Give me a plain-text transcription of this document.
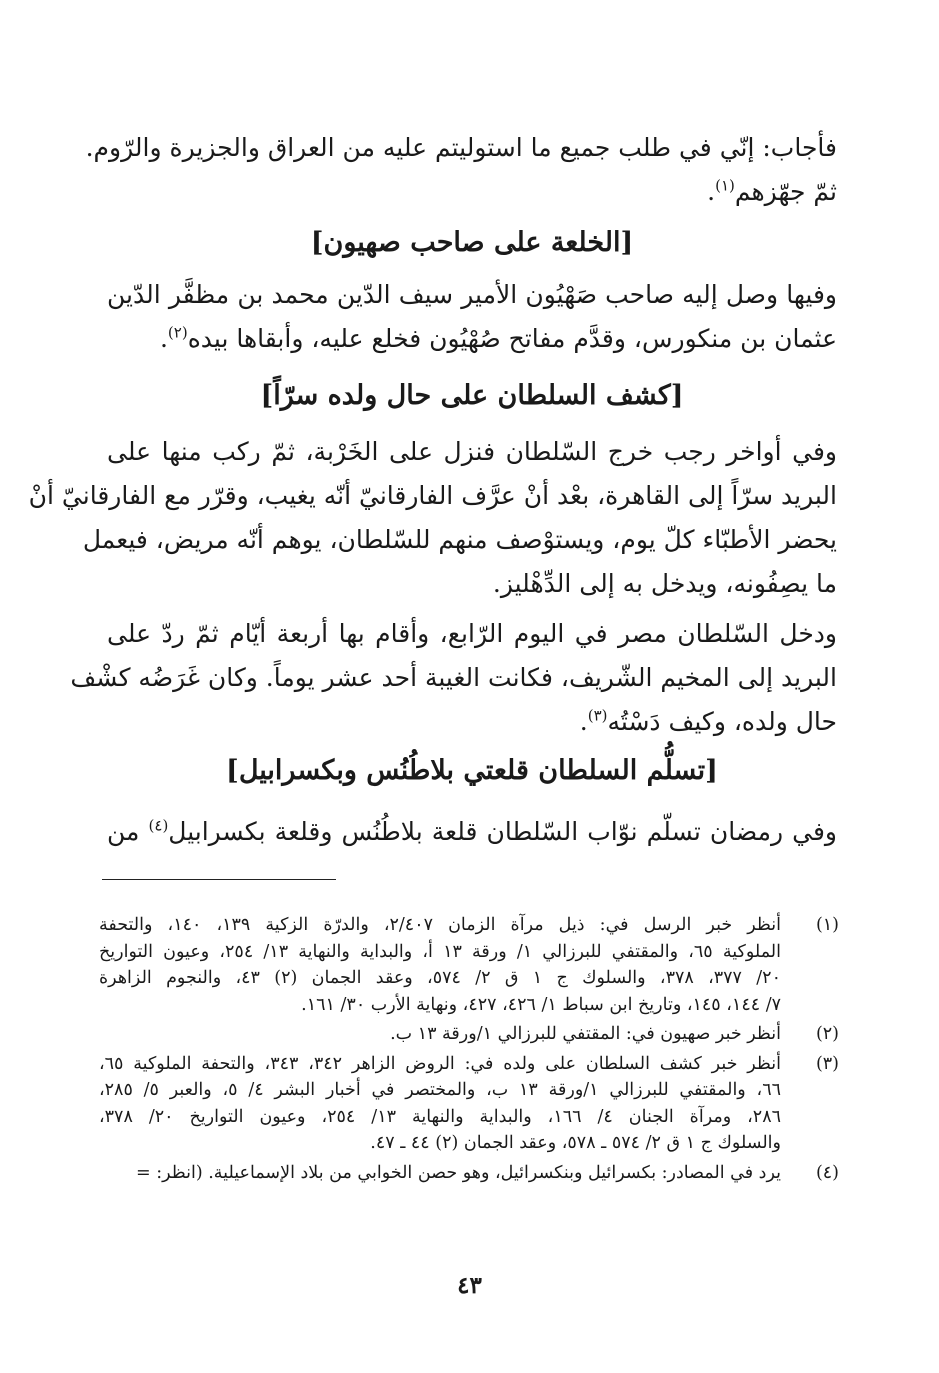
فأجاب: إنّي في طلب جميع ما استوليتم عليه من العراق والجزيرة والرّوم.
ثمّ جهّزهم$^{(١)}$.
[الخلعة على صاحب صهيون]
وفيها وصل إليه صاحب صَهْيُون الأمير سيف الدّين محمد بن مظفَّر الدّين
عثمان بن منكورس، وقدَّم مفاتح صُهْيُون فخلع عليه، وأبقاها بيده$^{(٢)}$.
[كشف السلطان على حال ولده سرّاً]
وفي أواخر رجب خرج السّلطان فنزل على الخَرْبة، ثمّ ركب منها على
البريد سرّاً إلى القاهرة، بعْد أنْ عرَّف الفارقانيّ أنّه يغيب، وقرّر مع الفارقانيّ أنْ
يحضر الأطبّاء كلّ يوم، ويستوْصف منهم للسّلطان، يوهم أنّه مريض، فيعمل
ما يصِفُونه، ويدخل به إلى الدِّهْليز.
ودخل السّلطان مصر في اليوم الرّابع، وأقام بها أربعة أيّام ثمّ ردّ على
البريد إلى المخيم الشّريف، فكانت الغيبة أحد عشر يوماً. وكان غَرَضُه كشْف
حال ولده، وكيف دَسْتُه$^{(٣)}$.
[تسلُّم السلطان قلعتي بلاطُنُس وبكسرابيل]
وفي رمضان تسلّم نوّاب السّلطان قلعة بلاطُنُس وقلعة بكسرابيل$^{(٤)}$ من
(١)
أنظر خبر الرسل في: ذيل مرآة الزمان ٢/٤٠٧، والدرّة الزكية ١٣٩، ١٤٠، والتحفة
الملوكية ٦٥، والمقتفي للبرزالي ١/ ورقة ١٣ أ، والبداية والنهاية ١٣/ ٢٥٤، وعيون التواريخ
٢٠/ ٣٧٧، ٣٧٨، والسلوك ج ١ ق ٢/ ٥٧٤، وعقد الجمان (٢) ٤٣، والنجوم الزاهرة
٧/ ١٤٤، ١٤٥، وتاريخ ابن سباط ١/ ٤٢٦، ٤٢٧، ونهاية الأرب ٣٠/ ١٦١.
(٢)
أنظر خبر صهيون في: المقتفي للبرزالي ١/ورقة ١٣ ب.
(٣)
أنظر خبر كشف السلطان على ولده في: الروض الزاهر ٣٤٢، ٣٤٣، والتحفة الملوكية ٦٥،
٦٦، والمقتفي للبرزالي ١/ورقة ١٣ ب، والمختصر في أخبار البشر ٤/ ٥، والعبر ٥/ ٢٨٥،
٢٨٦، ومرآة الجنان ٤/ ١٦٦، والبداية والنهاية ١٣/ ٢٥٤، وعيون التواريخ ٢٠/ ٣٧٨،
والسلوك ج ١ ق ٢/ ٥٧٤ ـ ٥٧٨، وعقد الجمان (٢) ٤٤ ـ ٤٧.
(٤)
يرد في المصادر: بكسرائيل وبنكسرائيل، وهو حصن الخوابي من بلاد الإسماعيلية. (انظر: =
٤٣
